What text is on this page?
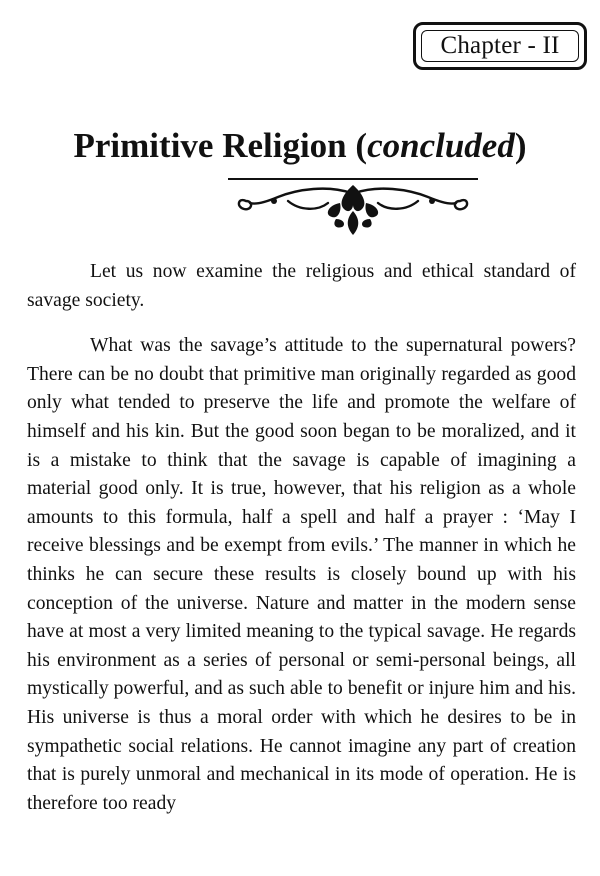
Chapter - II
Primitive Religion (concluded)

Let us now examine the religious and ethical standard of savage society.

What was the savage’s attitude to the supernatural powers? There can be no doubt that primitive man originally regarded as good only what tended to preserve the life and promote the welfare of himself and his kin. But the good soon began to be moralized, and it is a mistake to think that the savage is capable of imagining a material good only. It is true, however, that his religion as a whole amounts to this formula, half a spell and half a prayer : ‘May I receive blessings and be exempt from evils.’ The manner in which he thinks he can secure these results is closely bound up with his conception of the universe. Nature and matter in the modern sense have at most a very limited meaning to the typical savage. He regards his environment as a series of personal or semi-personal beings, all mystically powerful, and as such able to benefit or injure him and his. His universe is thus a moral order with which he desires to be in sympathetic social relations. He cannot imagine any part of creation that is purely unmoral and mechanical in its mode of operation. He is therefore too ready
